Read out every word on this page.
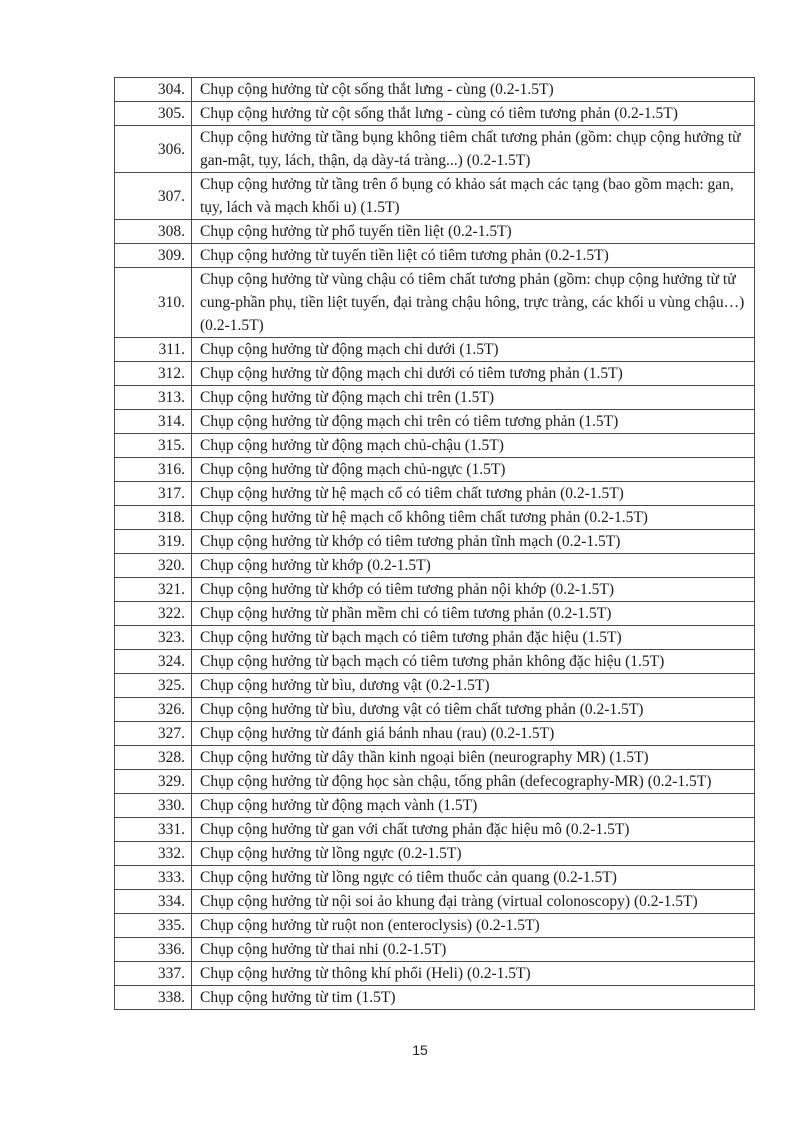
304.	Chụp cộng hưởng từ cột sống thắt lưng - cùng (0.2-1.5T)
305.	Chụp cộng hưởng từ cột sống thắt lưng - cùng có tiêm tương phản (0.2-1.5T)
306.	Chụp cộng hưởng từ tầng bụng không tiêm chất tương phản (gồm: chụp cộng hưởng từ gan-mật, tụy, lách, thận, dạ dày-tá tràng...) (0.2-1.5T)
307.	Chụp cộng hưởng từ tầng trên ổ bụng có khảo sát mạch các tạng (bao gồm mạch: gan, tụy, lách và mạch khối u) (1.5T)
308.	Chụp cộng hưởng từ phổ tuyến tiền liệt (0.2-1.5T)
309.	Chụp cộng hưởng từ tuyến tiền liệt có tiêm tương phản (0.2-1.5T)
310.	Chụp cộng hưởng từ vùng chậu có tiêm chất tương phản (gồm: chụp cộng hưởng từ tử cung-phần phụ, tiền liệt tuyến, đại tràng chậu hông, trực tràng, các khối u vùng chậu…) (0.2-1.5T)
311.	Chụp cộng hưởng từ động mạch chi dưới (1.5T)
312.	Chụp cộng hưởng từ động mạch chi dưới có tiêm tương phản (1.5T)
313.	Chụp cộng hưởng từ động mạch chi trên (1.5T)
314.	Chụp cộng hưởng từ động mạch chi trên có tiêm tương phản (1.5T)
315.	Chụp cộng hưởng từ động mạch chủ-chậu (1.5T)
316.	Chụp cộng hưởng từ động mạch chủ-ngực (1.5T)
317.	Chụp cộng hưởng từ hệ mạch cổ có tiêm chất tương phản (0.2-1.5T)
318.	Chụp cộng hưởng từ hệ mạch cổ không tiêm chất tương phản (0.2-1.5T)
319.	Chụp cộng hưởng từ khớp có tiêm tương phản tĩnh mạch (0.2-1.5T)
320.	Chụp cộng hưởng từ khớp (0.2-1.5T)
321.	Chụp cộng hưởng từ khớp có tiêm tương phản nội khớp (0.2-1.5T)
322.	Chụp cộng hưởng từ phần mềm chi có tiêm tương phản (0.2-1.5T)
323.	Chụp cộng hưởng từ bạch mạch có tiêm tương phản đặc hiệu (1.5T)
324.	Chụp cộng hưởng từ bạch mạch có tiêm tương phản không đặc hiệu (1.5T)
325.	Chụp cộng hưởng từ bìu, dương vật (0.2-1.5T)
326.	Chụp cộng hưởng từ bìu, dương vật có tiêm chất tương phản (0.2-1.5T)
327.	Chụp cộng hưởng từ đánh giá bánh nhau (rau) (0.2-1.5T)
328.	Chụp cộng hưởng từ dây thần kinh ngoại biên (neurography MR) (1.5T)
329.	Chụp cộng hưởng từ động học sàn chậu, tống phân (defecography-MR) (0.2-1.5T)
330.	Chụp cộng hưởng từ động mạch vành (1.5T)
331.	Chụp cộng hưởng từ gan với chất tương phản đặc hiệu mô (0.2-1.5T)
332.	Chụp cộng hưởng từ lồng ngực (0.2-1.5T)
333.	Chụp cộng hưởng từ lồng ngực có tiêm thuốc cản quang (0.2-1.5T)
334.	Chụp cộng hưởng từ nội soi ảo khung đại tràng (virtual colonoscopy) (0.2-1.5T)
335.	Chụp cộng hưởng từ ruột non (enteroclysis) (0.2-1.5T)
336.	Chụp cộng hưởng từ thai nhi (0.2-1.5T)
337.	Chụp cộng hưởng từ thông khí phổi (Heli) (0.2-1.5T)
338.	Chụp cộng hưởng từ tim (1.5T)
15
